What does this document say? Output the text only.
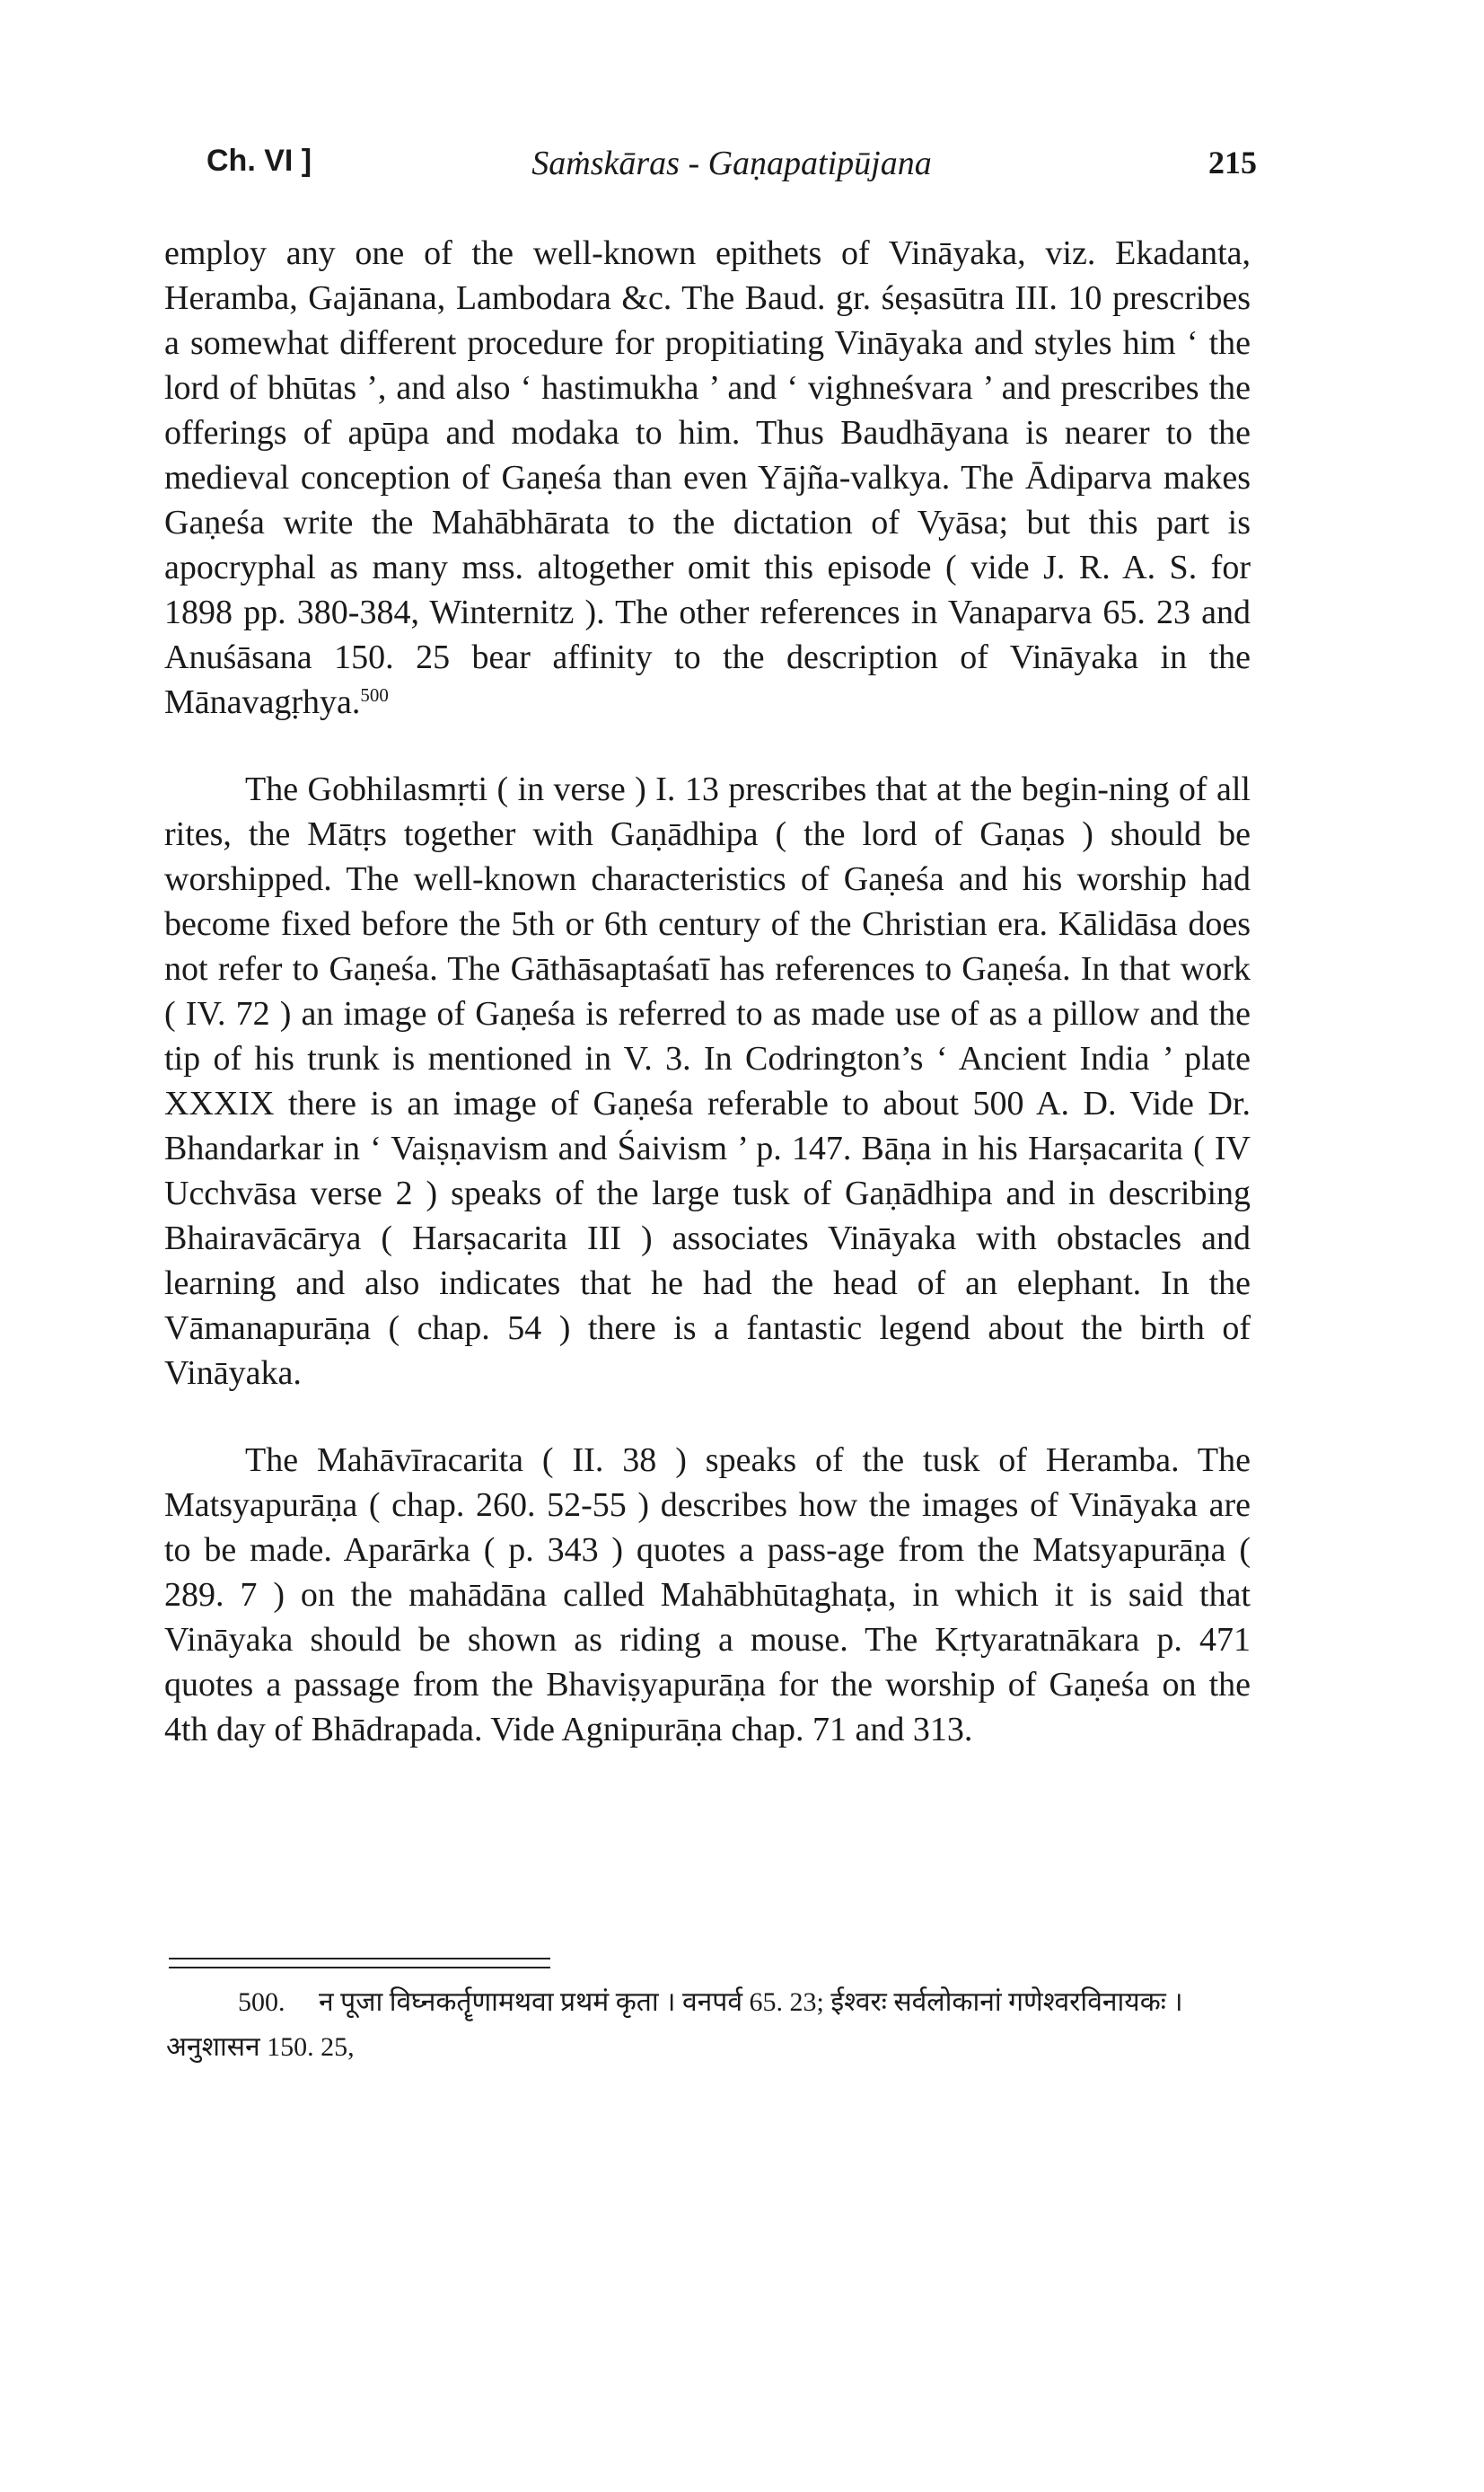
Ch. VI ]	Saṁskāras - Gaṇapatipūjana	215

employ any one of the well-known epithets of Vināyaka, viz. Ekadanta, Heramba, Gajānana, Lambodara &c. The Baud. gr. śeṣasūtra III. 10 prescribes a somewhat different procedure for propitiating Vināyaka and styles him ‘ the lord of bhūtas ’, and also ‘ hastimukha ’ and ‘ vighneśvara ’ and prescribes the offerings of apūpa and modaka to him. Thus Baudhāyana is nearer to the medieval conception of Gaṇeśa than even Yājña-valkya. The Ādiparva makes Gaṇeśa write the Mahābhārata to the dictation of Vyāsa; but this part is apocryphal as many mss. altogether omit this episode ( vide J. R. A. S. for 1898 pp. 380-384, Winternitz ). The other references in Vanaparva 65. 23 and Anuśāsana 150. 25 bear affinity to the description of Vināyaka in the Mānavagṛhya.$^{500}$

The Gobhilasmṛti ( in verse ) I. 13 prescribes that at the begin-ning of all rites, the Mātṛs together with Gaṇādhipa ( the lord of Gaṇas ) should be worshipped. The well-known characteristics of Gaṇeśa and his worship had become fixed before the 5th or 6th century of the Christian era. Kālidāsa does not refer to Gaṇeśa. The Gāthāsaptaśatī has references to Gaṇeśa. In that work ( IV. 72 ) an image of Gaṇeśa is referred to as made use of as a pillow and the tip of his trunk is mentioned in V. 3. In Codrington’s ‘ Ancient India ’ plate XXXIX there is an image of Gaṇeśa referable to about 500 A. D. Vide Dr. Bhandarkar in ‘ Vaiṣṇavism and Śaivism ’ p. 147. Bāṇa in his Harṣacarita ( IV Ucchvāsa verse 2 ) speaks of the large tusk of Gaṇādhipa and in describing Bhairavācārya ( Harṣacarita III ) associates Vināyaka with obstacles and learning and also indicates that he had the head of an elephant. In the Vāmanapurāṇa ( chap. 54 ) there is a fantastic legend about the birth of Vināyaka.

The Mahāvīracarita ( II. 38 ) speaks of the tusk of Heramba. The Matsyapurāṇa ( chap. 260. 52-55 ) describes how the images of Vināyaka are to be made. Aparārka ( p. 343 ) quotes a pass-age from the Matsyapurāṇa ( 289. 7 ) on the mahādāna called Mahābhūtaghaṭa, in which it is said that Vināyaka should be shown as riding a mouse. The Kṛtyaratnākara p. 471 quotes a passage from the Bhaviṣyapurāṇa for the worship of Gaṇeśa on the 4th day of Bhādrapada. Vide Agnipurāṇa chap. 71 and 313.

500. न पूजा विघ्नकर्तॄणामथवा प्रथमं कृता । वनपर्व 65. 23; ईश्वरः सर्वलोकानां गणेश्वरविनायकः । अनुशासन 150. 25,
